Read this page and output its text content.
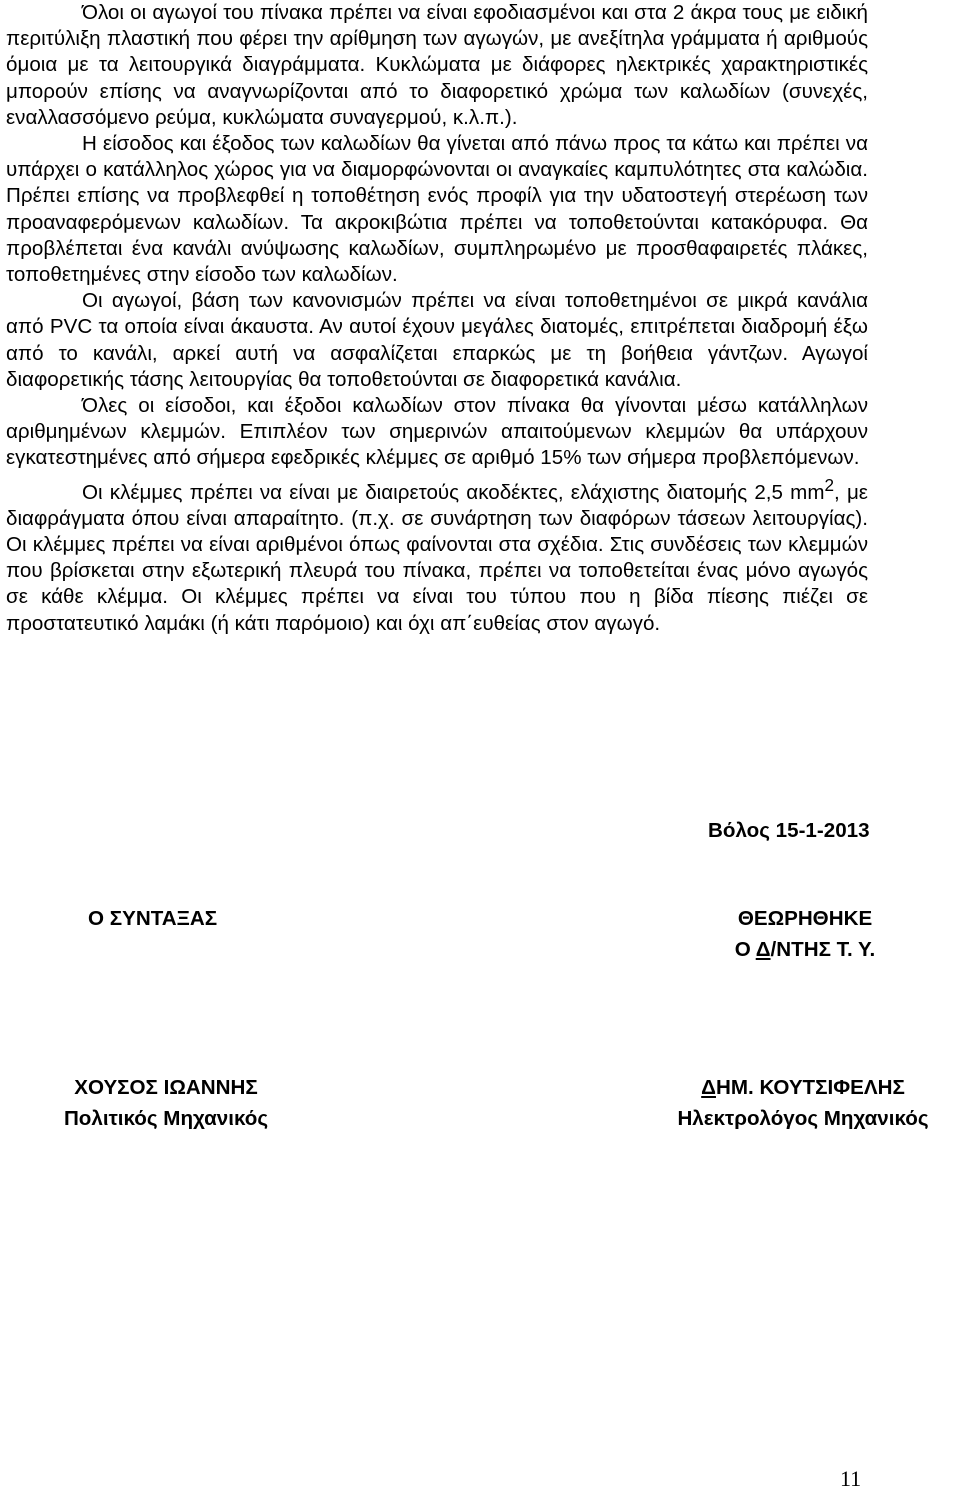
Όλοι οι αγωγοί του πίνακα πρέπει να είναι εφοδιασμένοι και στα 2 άκρα τους με ειδική περιτύλιξη πλαστική που φέρει την αρίθμηση των αγωγών, με ανεξίτηλα γράμματα ή αριθμούς όμοια με τα λειτουργικά διαγράμματα. Κυκλώματα με διάφορες ηλεκτρικές χαρακτηριστικές μπορούν επίσης να αναγνωρίζονται από το διαφορετικό χρώμα των καλωδίων (συνεχές, εναλλασσόμενο ρεύμα, κυκλώματα συναγερμού, κ.λ.π.).

Η είσοδος και έξοδος των καλωδίων θα γίνεται από πάνω προς τα κάτω και πρέπει να υπάρχει ο κατάλληλος χώρος για να διαμορφώνονται οι αναγκαίες καμπυλότητες στα καλώδια. Πρέπει επίσης να προβλεφθεί η τοποθέτηση ενός προφίλ για την υδατοστεγή στερέωση των προαναφερόμενων καλωδίων. Τα ακροκιβώτια πρέπει να τοποθετούνται κατακόρυφα. Θα προβλέπεται ένα κανάλι ανύψωσης καλωδίων, συμπληρωμένο με προσθαφαιρετές πλάκες, τοποθετημένες στην είσοδο των καλωδίων.

Οι αγωγοί, βάση των κανονισμών πρέπει να είναι τοποθετημένοι σε μικρά κανάλια από PVC τα οποία είναι άκαυστα. Αν αυτοί έχουν μεγάλες διατομές, επιτρέπεται διαδρομή έξω από το κανάλι, αρκεί αυτή να ασφαλίζεται επαρκώς με τη βοήθεια γάντζων. Αγωγοί διαφορετικής τάσης λειτουργίας θα τοποθετούνται σε διαφορετικά κανάλια.

Όλες οι είσοδοι, και έξοδοι καλωδίων στον πίνακα θα γίνονται μέσω κατάλληλων αριθμημένων κλεμμών. Επιπλέον των σημερινών απαιτούμενων κλεμμών θα υπάρχουν εγκατεστημένες από σήμερα εφεδρικές κλέμμες σε αριθμό 15% των σήμερα προβλεπόμενων.

Οι κλέμμες πρέπει να είναι με διαιρετούς ακοδέκτες, ελάχιστης διατομής 2,5 $mm^2$, με διαφράγματα όπου είναι απαραίτητο. (π.χ. σε συνάρτηση των διαφόρων τάσεων λειτουργίας). Οι κλέμμες πρέπει να είναι αριθμένοι όπως φαίνονται στα σχέδια. Στις συνδέσεις των κλεμμών που βρίσκεται στην εξωτερική πλευρά του πίνακα, πρέπει να τοποθετείται ένας μόνο αγωγός σε κάθε κλέμμα. Οι κλέμμες πρέπει να είναι του τύπου που η βίδα πίεσης πιέζει σε προστατευτικό λαμάκι (ή κάτι παρόμοιο) και όχι απ΄ευθείας στον αγωγό.

Βόλος 15-1-2013
Ο ΣΥΝΤΑΞΑΣ	ΘΕΩΡΗΘΗΚΕ
Ο Δ/ΝΤΗΣ Τ. Υ.
ΧΟΥΣΟΣ ΙΩΑΝΝΗΣ
Πολιτικός Μηχανικός
ΔΗΜ. ΚΟΥΤΣΙΦΕΛΗΣ
Ηλεκτρολόγος Μηχανικός
11
